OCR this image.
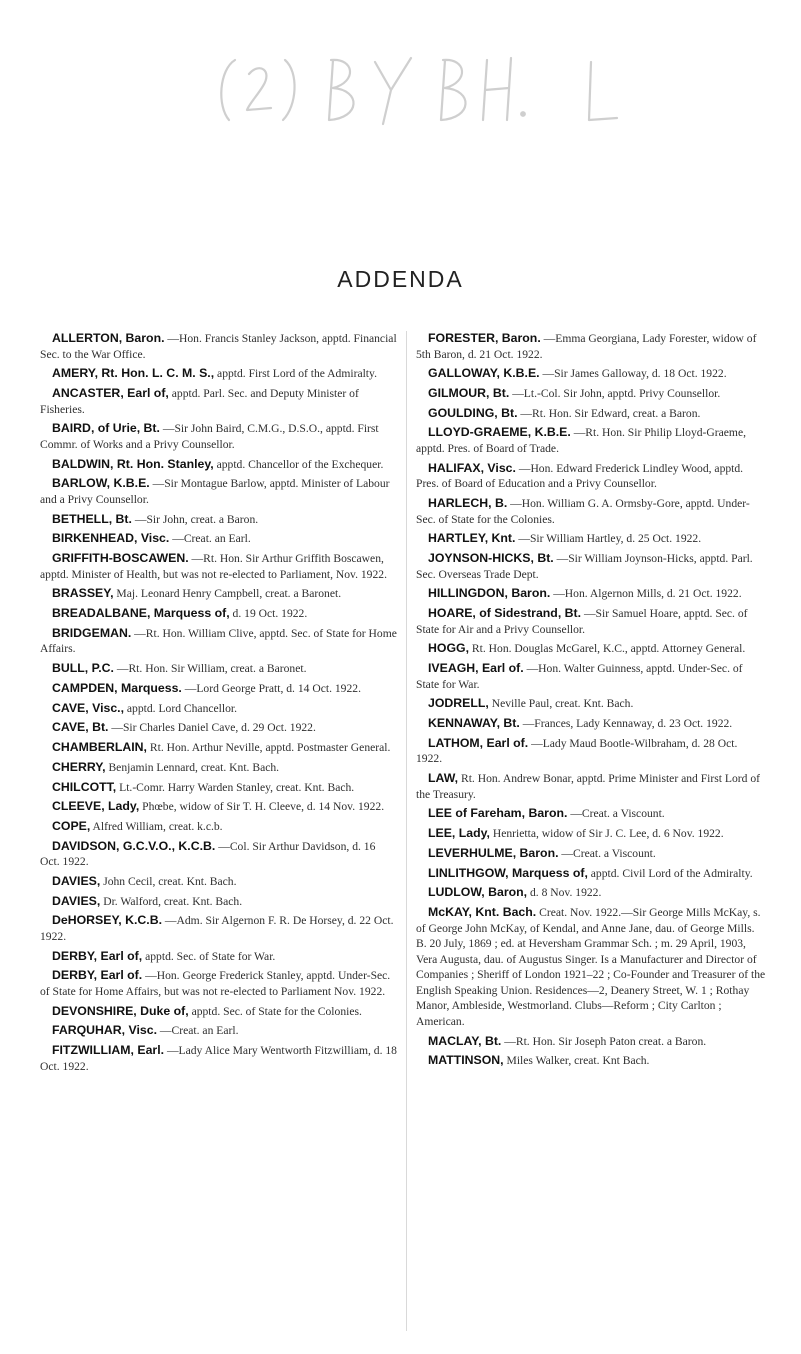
ADDENDA

ALLERTON, Baron. —Hon. Francis Stanley Jackson, apptd. Financial Sec. to the War Office.

AMERY, Rt. Hon. L. C. M. S., apptd. First Lord of the Admiralty.

ANCASTER, Earl of, apptd. Parl. Sec. and Deputy Minister of Fisheries.

BAIRD, of Urie, Bt. —Sir John Baird, C.M.G., D.S.O., apptd. First Commr. of Works and a Privy Counsellor.

BALDWIN, Rt. Hon. Stanley, apptd. Chancellor of the Exchequer.

BARLOW, K.B.E. —Sir Montague Barlow, apptd. Minister of Labour and a Privy Counsellor.

BETHELL, Bt. —Sir John, creat. a Baron.

BIRKENHEAD, Visc. —Creat. an Earl.

GRIFFITH-BOSCAWEN. —Rt. Hon. Sir Arthur Griffith Boscawen, apptd. Minister of Health, but was not re-elected to Parliament, Nov. 1922.

BRASSEY, Maj. Leonard Henry Campbell, creat. a Baronet.

BREADALBANE, Marquess of, d. 19 Oct. 1922.

BRIDGEMAN. —Rt. Hon. William Clive, apptd. Sec. of State for Home Affairs.

BULL, P.C. —Rt. Hon. Sir William, creat. a Baronet.

CAMPDEN, Marquess. —Lord George Pratt, d. 14 Oct. 1922.

CAVE, Visc., apptd. Lord Chancellor.

CAVE, Bt. —Sir Charles Daniel Cave, d. 29 Oct. 1922.

CHAMBERLAIN, Rt. Hon. Arthur Neville, apptd. Postmaster General.

CHERRY, Benjamin Lennard, creat. Knt. Bach.

CHILCOTT, Lt.-Comr. Harry Warden Stanley, creat. Knt. Bach.

CLEEVE, Lady, Phœbe, widow of Sir T. H. Cleeve, d. 14 Nov. 1922.

COPE, Alfred William, creat. k.c.b.

DAVIDSON, G.C.V.O., K.C.B. —Col. Sir Arthur Davidson, d. 16 Oct. 1922.

DAVIES, John Cecil, creat. Knt. Bach.

DAVIES, Dr. Walford, creat. Knt. Bach.

DeHORSEY, K.C.B. —Adm. Sir Algernon F. R. De Horsey, d. 22 Oct. 1922.

DERBY, Earl of, apptd. Sec. of State for War.

DERBY, Earl of. —Hon. George Frederick Stanley, apptd. Under-Sec. of State for Home Affairs, but was not re-elected to Parliament Nov. 1922.

DEVONSHIRE, Duke of, apptd. Sec. of State for the Colonies.

FARQUHAR, Visc. —Creat. an Earl.

FITZWILLIAM, Earl. —Lady Alice Mary Wentworth Fitzwilliam, d. 18 Oct. 1922.

FORESTER, Baron. —Emma Georgiana, Lady Forester, widow of 5th Baron, d. 21 Oct. 1922.

GALLOWAY, K.B.E. —Sir James Galloway, d. 18 Oct. 1922.

GILMOUR, Bt. —Lt.-Col. Sir John, apptd. Privy Counsellor.

GOULDING, Bt. —Rt. Hon. Sir Edward, creat. a Baron.

LLOYD-GRAEME, K.B.E. —Rt. Hon. Sir Philip Lloyd-Graeme, apptd. Pres. of Board of Trade.

HALIFAX, Visc. —Hon. Edward Frederick Lindley Wood, apptd. Pres. of Board of Education and a Privy Counsellor.

HARLECH, B. —Hon. William G. A. Ormsby-Gore, apptd. Under-Sec. of State for the Colonies.

HARTLEY, Knt. —Sir William Hartley, d. 25 Oct. 1922.

JOYNSON-HICKS, Bt. —Sir William Joynson-Hicks, apptd. Parl. Sec. Overseas Trade Dept.

HILLINGDON, Baron. —Hon. Algernon Mills, d. 21 Oct. 1922.

HOARE, of Sidestrand, Bt. —Sir Samuel Hoare, apptd. Sec. of State for Air and a Privy Counsellor.

HOGG, Rt. Hon. Douglas McGarel, K.C., apptd. Attorney General.

IVEAGH, Earl of. —Hon. Walter Guinness, apptd. Under-Sec. of State for War.

JODRELL, Neville Paul, creat. Knt. Bach.

KENNAWAY, Bt. —Frances, Lady Kennaway, d. 23 Oct. 1922.

LATHOM, Earl of. —Lady Maud Bootle-Wilbraham, d. 28 Oct. 1922.

LAW, Rt. Hon. Andrew Bonar, apptd. Prime Minister and First Lord of the Treasury.

LEE of Fareham, Baron. —Creat. a Viscount.

LEE, Lady, Henrietta, widow of Sir J. C. Lee, d. 6 Nov. 1922.

LEVERHULME, Baron. —Creat. a Viscount.

LINLITHGOW, Marquess of, apptd. Civil Lord of the Admiralty.

LUDLOW, Baron, d. 8 Nov. 1922.

McKAY, Knt. Bach. Creat. Nov. 1922.—Sir George Mills McKay, s. of George John McKay, of Kendal, and Anne Jane, dau. of George Mills. B. 20 July, 1869 ; ed. at Heversham Grammar Sch. ; m. 29 April, 1903, Vera Augusta, dau. of Augustus Singer. Is a Manufacturer and Director of Companies ; Sheriff of London 1921–22 ; Co-Founder and Treasurer of the English Speaking Union. Residences—2, Deanery Street, W. 1 ; Rothay Manor, Ambleside, Westmorland. Clubs—Reform ; City Carlton ; American.

MACLAY, Bt. —Rt. Hon. Sir Joseph Paton creat. a Baron.

MATTINSON, Miles Walker, creat. Knt Bach.
